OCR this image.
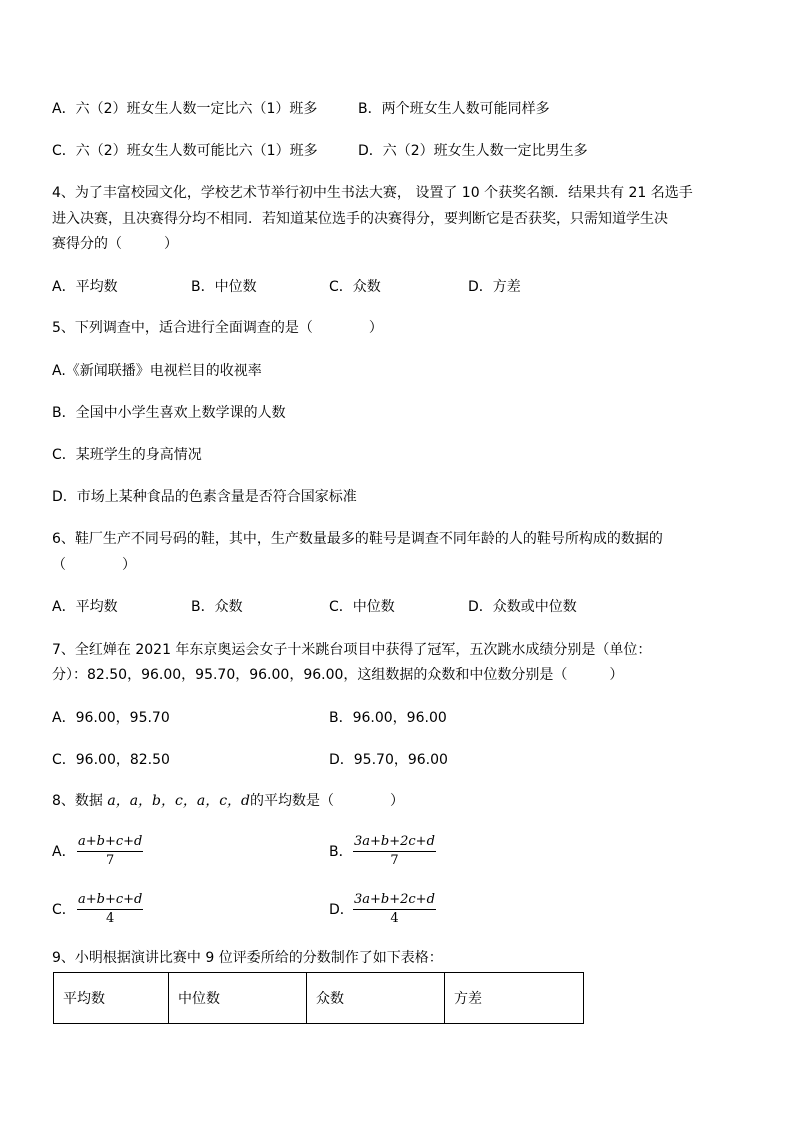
A．六（2）班女生人数一定比六（1）班多	B．两个班女生人数可能同样多
C．六（2）班女生人数可能比六（1）班多	D．六（2）班女生人数一定比男生多
4、为了丰富校园文化，学校艺术节举行初中生书法大赛， 设置了 10 个获奖名额．结果共有 21 名选手
进入决赛，且决赛得分均不相同．若知道某位选手的决赛得分，要判断它是否获奖，只需知道学生决
赛得分的（　　　）
A．平均数	B．中位数	C．众数	D．方差
5、下列调查中，适合进行全面调查的是（　　　　）
A.《新闻联播》电视栏目的收视率
B．全国中小学生喜欢上数学课的人数
C．某班学生的身高情况
D．市场上某种食品的色素含量是否符合国家标准
6、鞋厂生产不同号码的鞋，其中，生产数量最多的鞋号是调查不同年龄的人的鞋号所构成的数据的
（　　　　）
A．平均数	B．众数	C．中位数	D．众数或中位数
7、全红婵在 2021 年东京奥运会女子十米跳台项目中获得了冠军，五次跳水成绩分别是（单位：
分）：82.50，96.00，95.70，96.00，96.00，这组数据的众数和中位数分别是（　　　）
A．96.00，95.70	B．96.00，96.00
C．96.00，82.50	D．95.70，96.00
8、数据 a，a，b，c，a，c，d的平均数是（　　　　）
A． $\frac{a+b+c+d}{7}$	B． $\frac{3a+b+2c+d}{7}$
C． $\frac{a+b+c+d}{4}$	D． $\frac{3a+b+2c+d}{4}$
9、小明根据演讲比赛中 9 位评委所给的分数制作了如下表格：
平均数	中位数	众数	方差
